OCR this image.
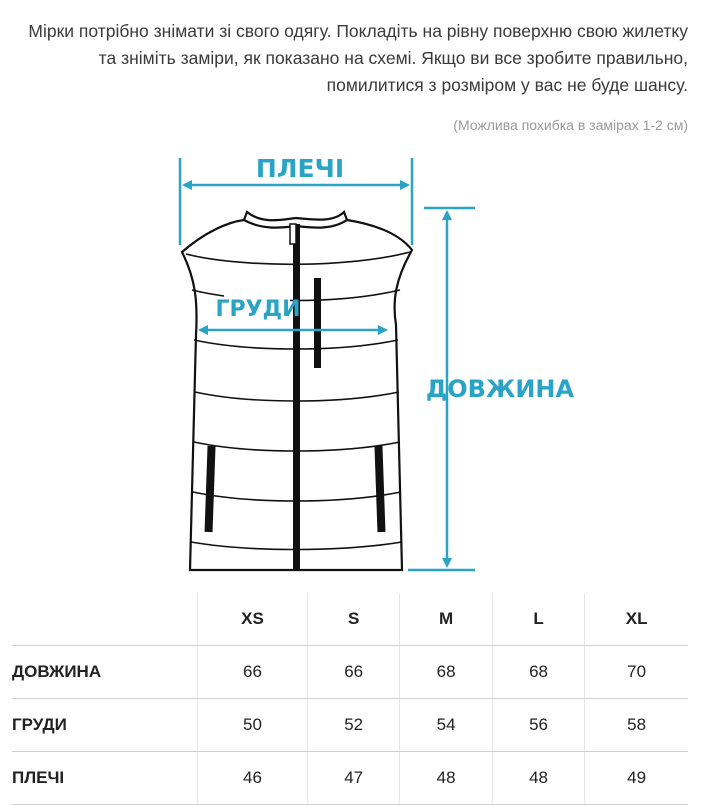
Мірки потрібно знімати зі свого одягу. Покладіть на рівну поверхню свою жилетку та зніміть заміри, як показано на схемі. Якщо ви все зробите правильно, помилитися з розміром у вас не буде шансу.

(Можлива похибка в замірах 1-2 см)

ПЛЕЧІ
ГРУДИ
ДОВЖИНА
	XS	S	M	L	XL
ДОВЖИНА	66	66	68	68	70
ГРУДИ	50	52	54	56	58
ПЛЕЧІ	46	47	48	48	49
